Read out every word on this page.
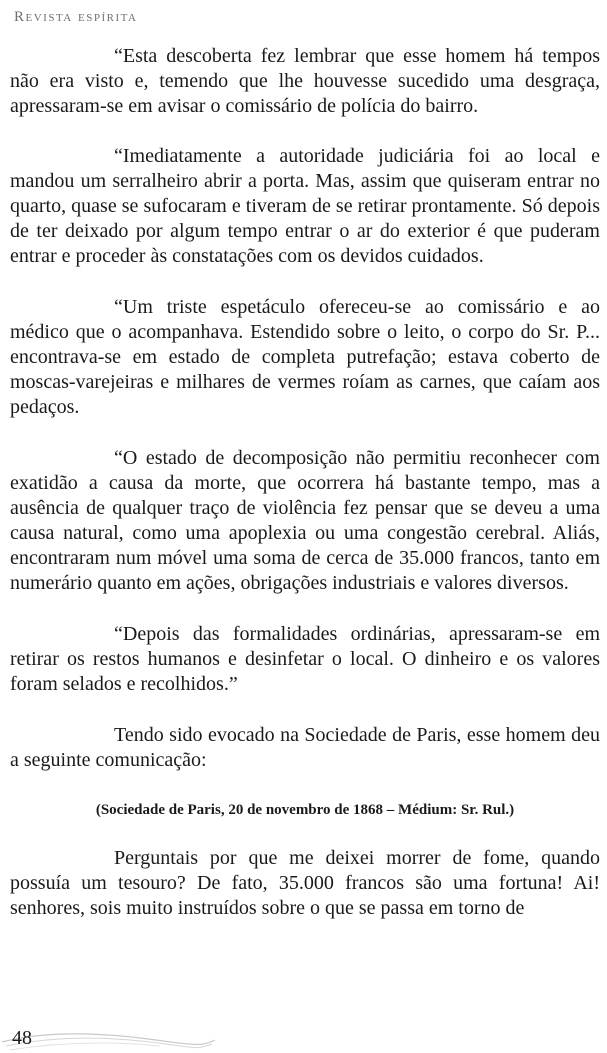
Revista espírita

“Esta descoberta fez lembrar que esse homem há tempos não era visto e, temendo que lhe houvesse sucedido uma desgraça, apressaram-se em avisar o comissário de polícia do bairro.

“Imediatamente a autoridade judiciária foi ao local e mandou um serralheiro abrir a porta. Mas, assim que quiseram entrar no quarto, quase se sufocaram e tiveram de se retirar prontamente. Só depois de ter deixado por algum tempo entrar o ar do exterior é que puderam entrar e proceder às constatações com os devidos cuidados.

“Um triste espetáculo ofereceu-se ao comissário e ao médico que o acompanhava. Estendido sobre o leito, o corpo do Sr. P... encontrava-se em estado de completa putrefação; estava coberto de moscas-varejeiras e milhares de vermes roíam as carnes, que caíam aos pedaços.

“O estado de decomposição não permitiu reconhecer com exatidão a causa da morte, que ocorrera há bastante tempo, mas a ausência de qualquer traço de violência fez pensar que se deveu a uma causa natural, como uma apoplexia ou uma congestão cerebral. Aliás, encontraram num móvel uma soma de cerca de 35.000 francos, tanto em numerário quanto em ações, obrigações industriais e valores diversos.

“Depois das formalidades ordinárias, apressaram-se em retirar os restos humanos e desinfetar o local. O dinheiro e os valores foram selados e recolhidos.”

Tendo sido evocado na Sociedade de Paris, esse homem deu a seguinte comunicação:

(Sociedade de Paris, 20 de novembro de 1868 – Médium: Sr. Rul.)

Perguntais por que me deixei morrer de fome, quando possuía um tesouro? De fato, 35.000 francos são uma fortuna! Ai! senhores, sois muito instruídos sobre o que se passa em torno de

48
